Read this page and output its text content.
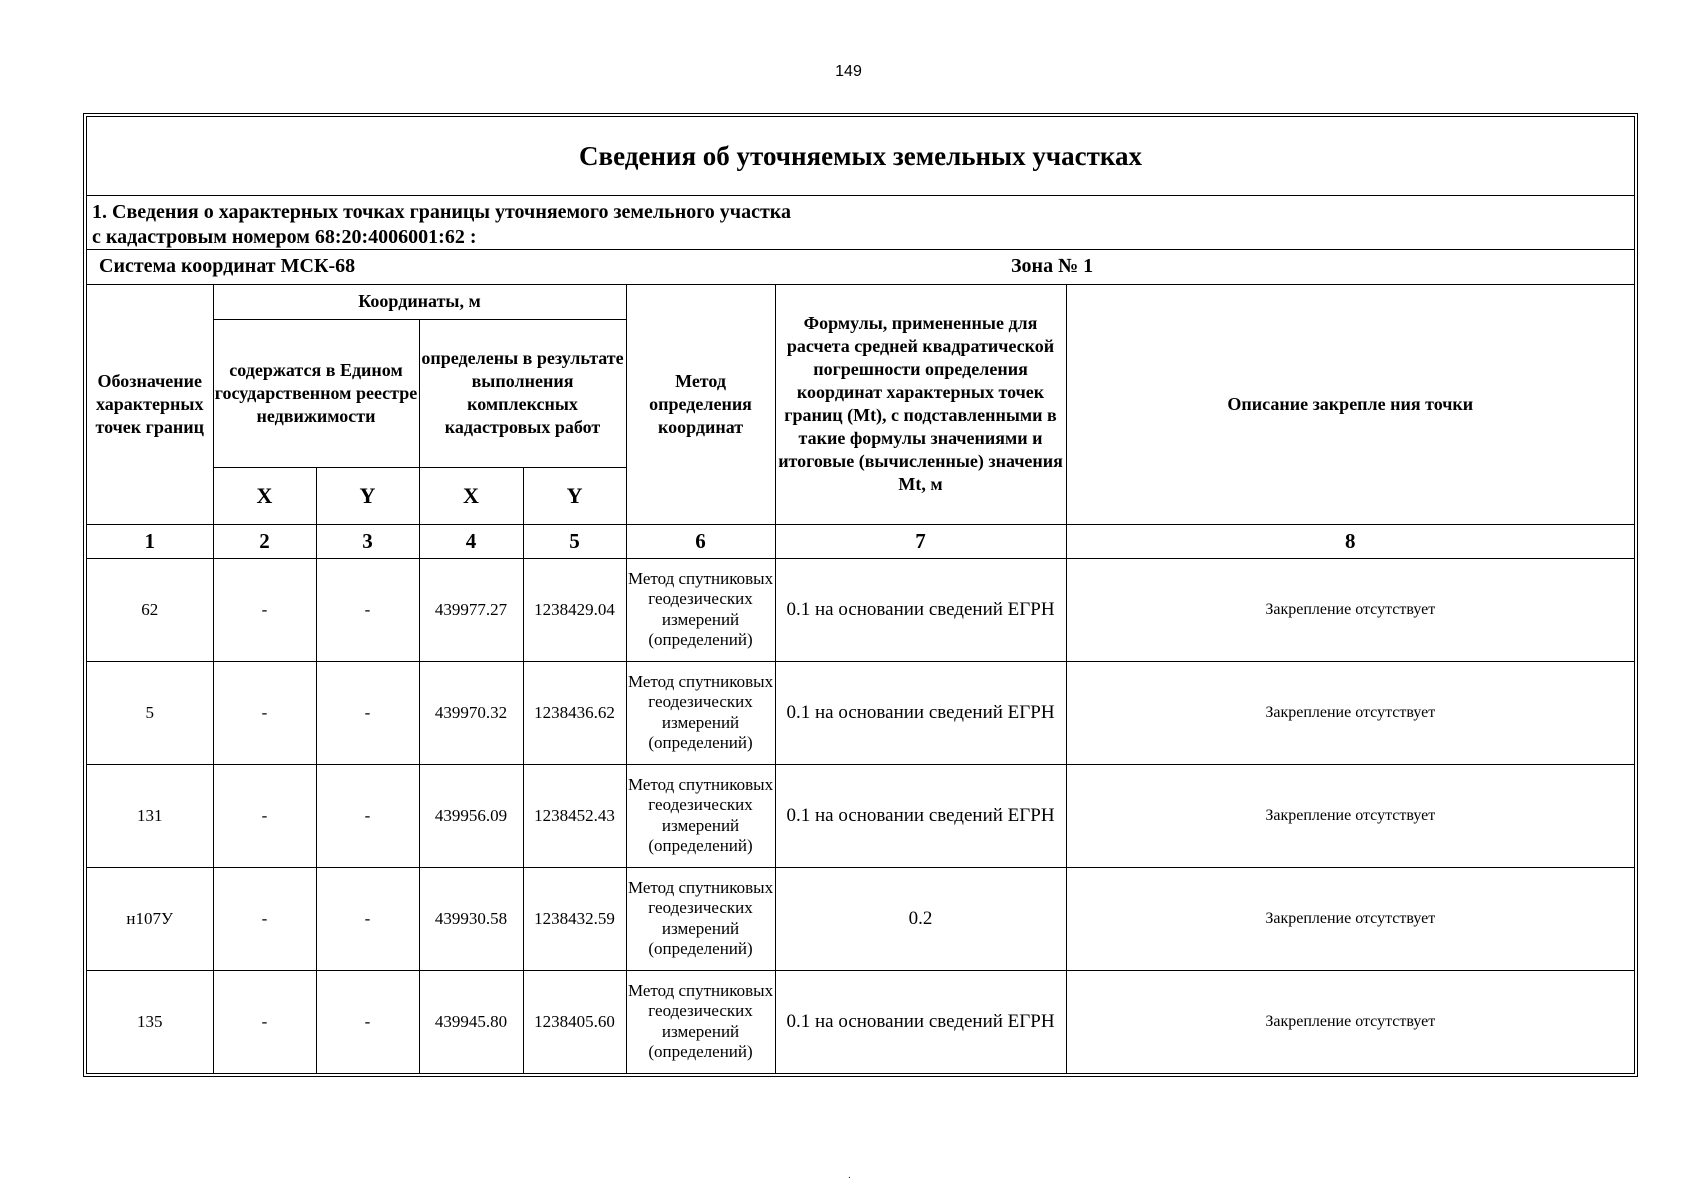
149
Сведения об уточняемых земельных участках
1. Сведения о характерных точках границы уточняемого земельного участка
с кадастровым номером 68:20:4006001:62 :
Система координат МСК-68	Зона № 1
Обозначение характерных точек границ	Координаты, м				Метод определения координат	Формулы, примененные для расчета средней квадратической погрешности определения координат характерных точек границ (Mt), с подставленными в такие формулы значениями и итоговые (вычисленные) значения Mt, м	Описание закрепле ния точки
	содержатся в Едином государственном реестре недвижимости		определены в результате выполнения комплексных кадастровых работ				
	X	Y	X	Y			
1	2	3	4	5	6	7	8
62	-	-	439977.27	1238429.04	Метод спутниковых геодезических измерений (определений)	0.1 на основании сведений ЕГРН	Закрепление отсутствует
5	-	-	439970.32	1238436.62	Метод спутниковых геодезических измерений (определений)	0.1 на основании сведений ЕГРН	Закрепление отсутствует
131	-	-	439956.09	1238452.43	Метод спутниковых геодезических измерений (определений)	0.1 на основании сведений ЕГРН	Закрепление отсутствует
н107У	-	-	439930.58	1238432.59	Метод спутниковых геодезических измерений (определений)	0.2	Закрепление отсутствует
135	-	-	439945.80	1238405.60	Метод спутниковых геодезических измерений (определений)	0.1 на основании сведений ЕГРН	Закрепление отсутствует
.
